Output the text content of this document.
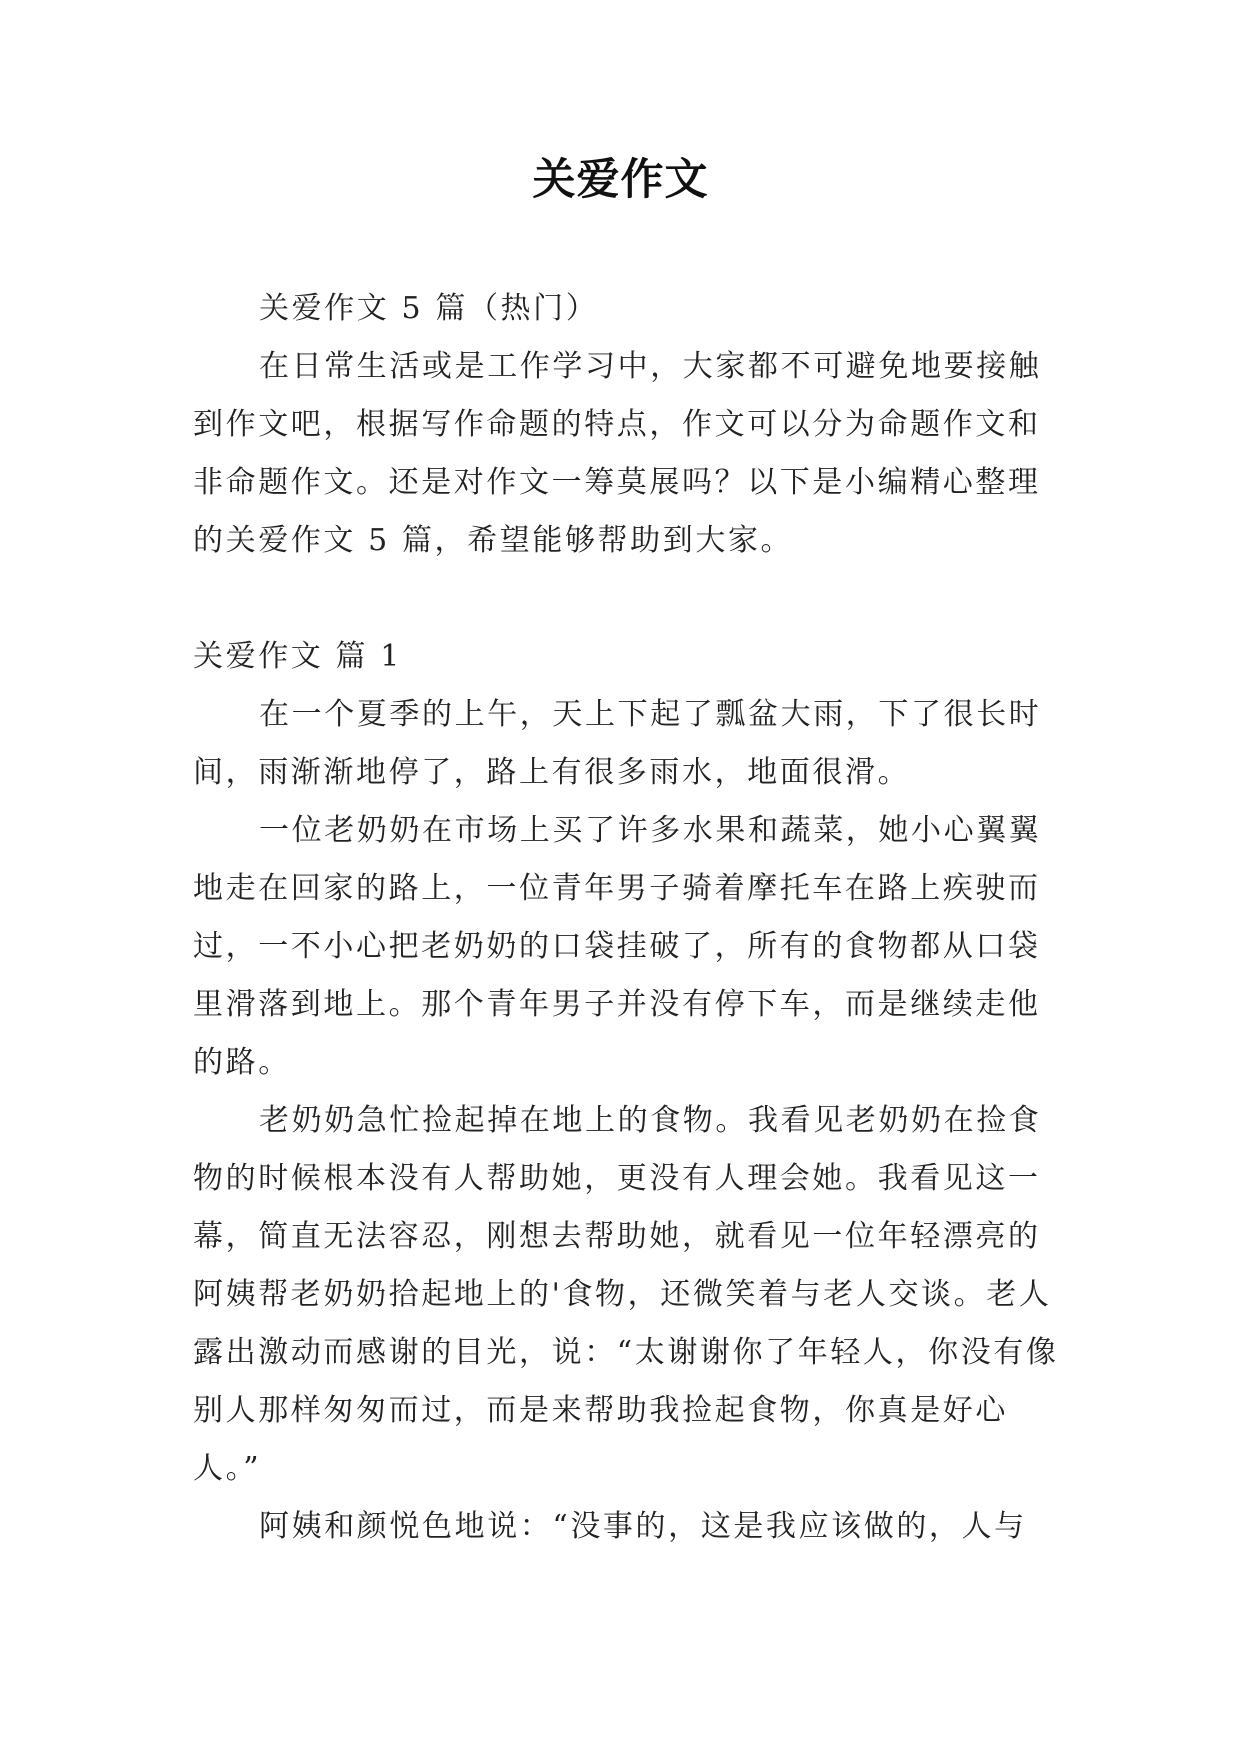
关爱作文

关爱作文 5 篇（热门）

在日常生活或是工作学习中，大家都不可避免地要接触到作文吧，根据写作命题的特点，作文可以分为命题作文和非命题作文。还是对作文一筹莫展吗？以下是小编精心整理的关爱作文 5 篇，希望能够帮助到大家。

关爱作文 篇 1

在一个夏季的上午，天上下起了瓢盆大雨，下了很长时间，雨渐渐地停了，路上有很多雨水，地面很滑。

一位老奶奶在市场上买了许多水果和蔬菜，她小心翼翼地走在回家的路上，一位青年男子骑着摩托车在路上疾驶而过，一不小心把老奶奶的口袋挂破了，所有的食物都从口袋里滑落到地上。那个青年男子并没有停下车，而是继续走他的路。

老奶奶急忙捡起掉在地上的食物。我看见老奶奶在捡食物的时候根本没有人帮助她，更没有人理会她。我看见这一幕，简直无法容忍，刚想去帮助她，就看见一位年轻漂亮的阿姨帮老奶奶拾起地上的'食物，还微笑着与老人交谈。老人露出激动而感谢的目光，说：“太谢谢你了年轻人，你没有像别人那样匆匆而过，而是来帮助我捡起食物，你真是好心人。”

阿姨和颜悦色地说：“没事的，这是我应该做的，人与
